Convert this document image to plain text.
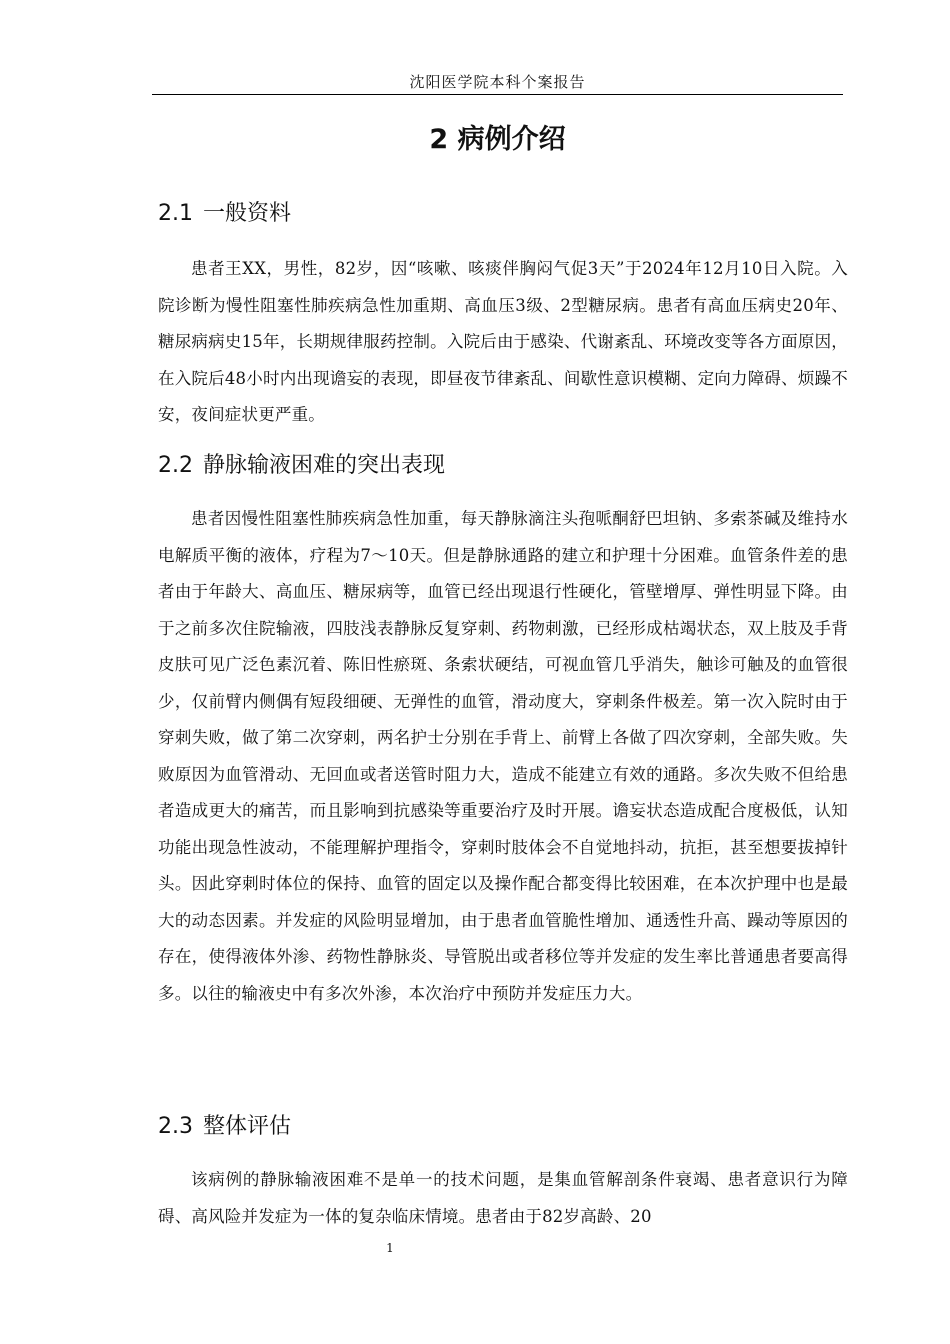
沈阳医学院本科个案报告
2 病例介绍
2.1 一般资料
患者王XX，男性，82岁，因“咳嗽、咳痰伴胸闷气促3天”于2024年12月10日入院。入院诊断为慢性阻塞性肺疾病急性加重期、高血压3级、2型糖尿病。患者有高血压病史20年、糖尿病病史15年，长期规律服药控制。入院后由于感染、代谢紊乱、环境改变等各方面原因，在入院后48小时内出现谵妄的表现，即昼夜节律紊乱、间歇性意识模糊、定向力障碍、烦躁不安，夜间症状更严重。
2.2 静脉输液困难的突出表现
患者因慢性阻塞性肺疾病急性加重，每天静脉滴注头孢哌酮舒巴坦钠、多索茶碱及维持水电解质平衡的液体，疗程为7～10天。但是静脉通路的建立和护理十分困难。血管条件差的患者由于年龄大、高血压、糖尿病等，血管已经出现退行性硬化，管壁增厚、弹性明显下降。由于之前多次住院输液，四肢浅表静脉反复穿刺、药物刺激，已经形成枯竭状态，双上肢及手背皮肤可见广泛色素沉着、陈旧性瘀斑、条索状硬结，可视血管几乎消失，触诊可触及的血管很少，仅前臂内侧偶有短段细硬、无弹性的血管，滑动度大，穿刺条件极差。第一次入院时由于穿刺失败，做了第二次穿刺，两名护士分别在手背上、前臂上各做了四次穿刺，全部失败。失败原因为血管滑动、无回血或者送管时阻力大，造成不能建立有效的通路。多次失败不但给患者造成更大的痛苦，而且影响到抗感染等重要治疗及时开展。谵妄状态造成配合度极低，认知功能出现急性波动，不能理解护理指令，穿刺时肢体会不自觉地抖动，抗拒，甚至想要拔掉针头。因此穿刺时体位的保持、血管的固定以及操作配合都变得比较困难，在本次护理中也是最大的动态因素。并发症的风险明显增加，由于患者血管脆性增加、通透性升高、躁动等原因的存在，使得液体外渗、药物性静脉炎、导管脱出或者移位等并发症的发生率比普通患者要高得多。以往的输液史中有多次外渗，本次治疗中预防并发症压力大。
2.3 整体评估
该病例的静脉输液困难不是单一的技术问题，是集血管解剖条件衰竭、患者意识行为障碍、高风险并发症为一体的复杂临床情境。患者由于82岁高龄、20
1
